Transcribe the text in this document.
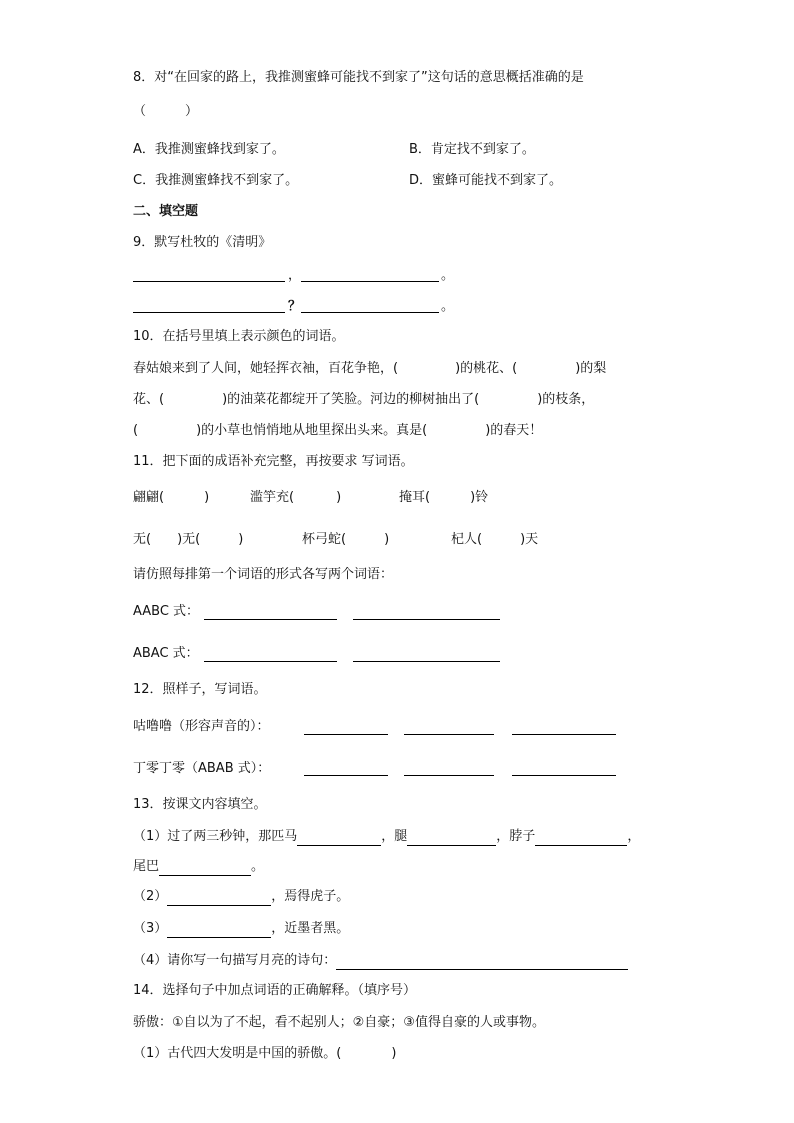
8．对“在回家的路上，我推测蜜蜂可能找不到家了”这句话的意思概括准确的是
（　　　）
A．我推测蜜蜂找到家了。	B．肯定找不到家了。
C．我推测蜜蜂找不到家了。	D．蜜蜂可能找不到家了。
二、填空题
9．默写杜牧的《清明》
，	。
？	。
10．在括号里填上表示颜色的词语。
春姑娘来到了人间，她轻挥衣袖，百花争艳，(	)的桃花、(	)的梨
花、(	)的油菜花都绽开了笑脸。河边的柳树抽出了(	)的枝条，
(	)的小草也悄悄地从地里探出头来。真是(	)的春天！
11．把下面的成语补充完整，再按要求 写词语。
翩翩(	)	滥竽充(	)	掩耳(	)铃
无( )无(	)	杯弓蛇(	)	杞人(	)天
请仿照每排第一个词语的形式各写两个词语：
AABC 式：
ABAC 式：
12．照样子，写词语。
咕噜噜（形容声音的）：
丁零丁零（ABAB 式）：
13．按课文内容填空。
（1）过了两三秒钟，那匹马	，腿	，脖子	，
尾巴	。
（2）	，焉得虎子。
（3）	，近墨者黑。
（4）请你写一句描写月亮的诗句：
14．选择句子中加点词语的正确解释。（填序号）
骄傲：①自以为了不起，看不起别人；②自豪；③值得自豪的人或事物。
（1）古代四大发明是中国的骄傲。(	)
